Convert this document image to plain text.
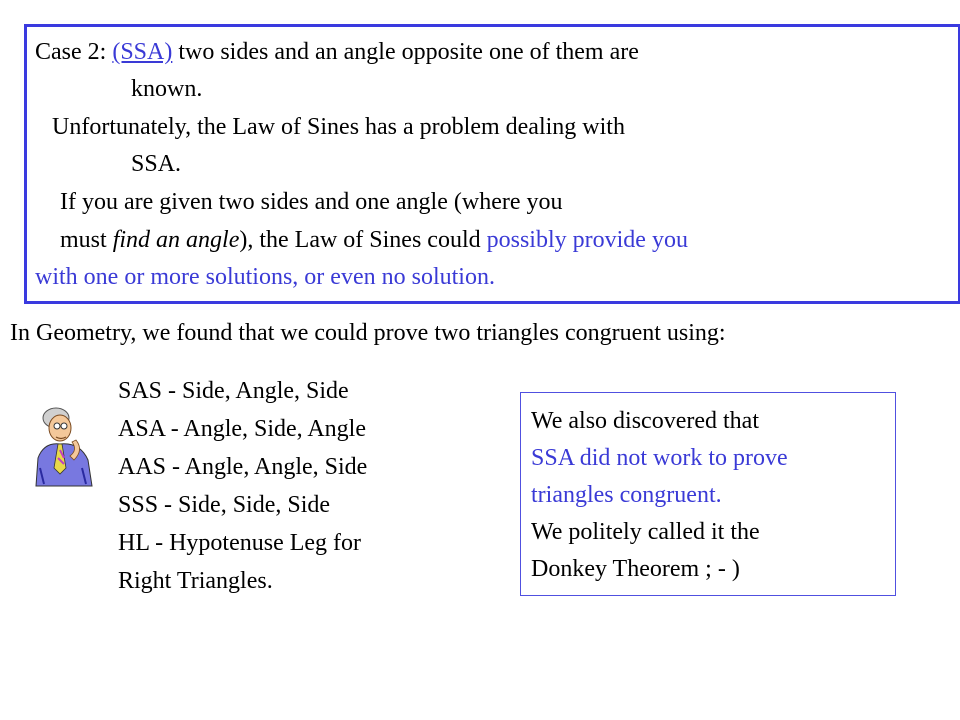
Case 2: (SSA) two sides and an angle opposite one of them are
known.
Unfortunately, the Law of Sines has a problem dealing with
SSA.
If you are given two sides and one angle (where you
must find an angle), the Law of Sines could possibly provide you
with one or more solutions, or even no solution.
In Geometry, we found that we could prove two triangles congruent using:
SAS - Side, Angle, Side
ASA - Angle, Side, Angle
AAS - Angle, Angle, Side
SSS - Side, Side, Side
HL - Hypotenuse Leg for
Right Triangles.
We also discovered that
SSA did not work to prove
triangles congruent.
We politely called it the
Donkey Theorem ; - )
